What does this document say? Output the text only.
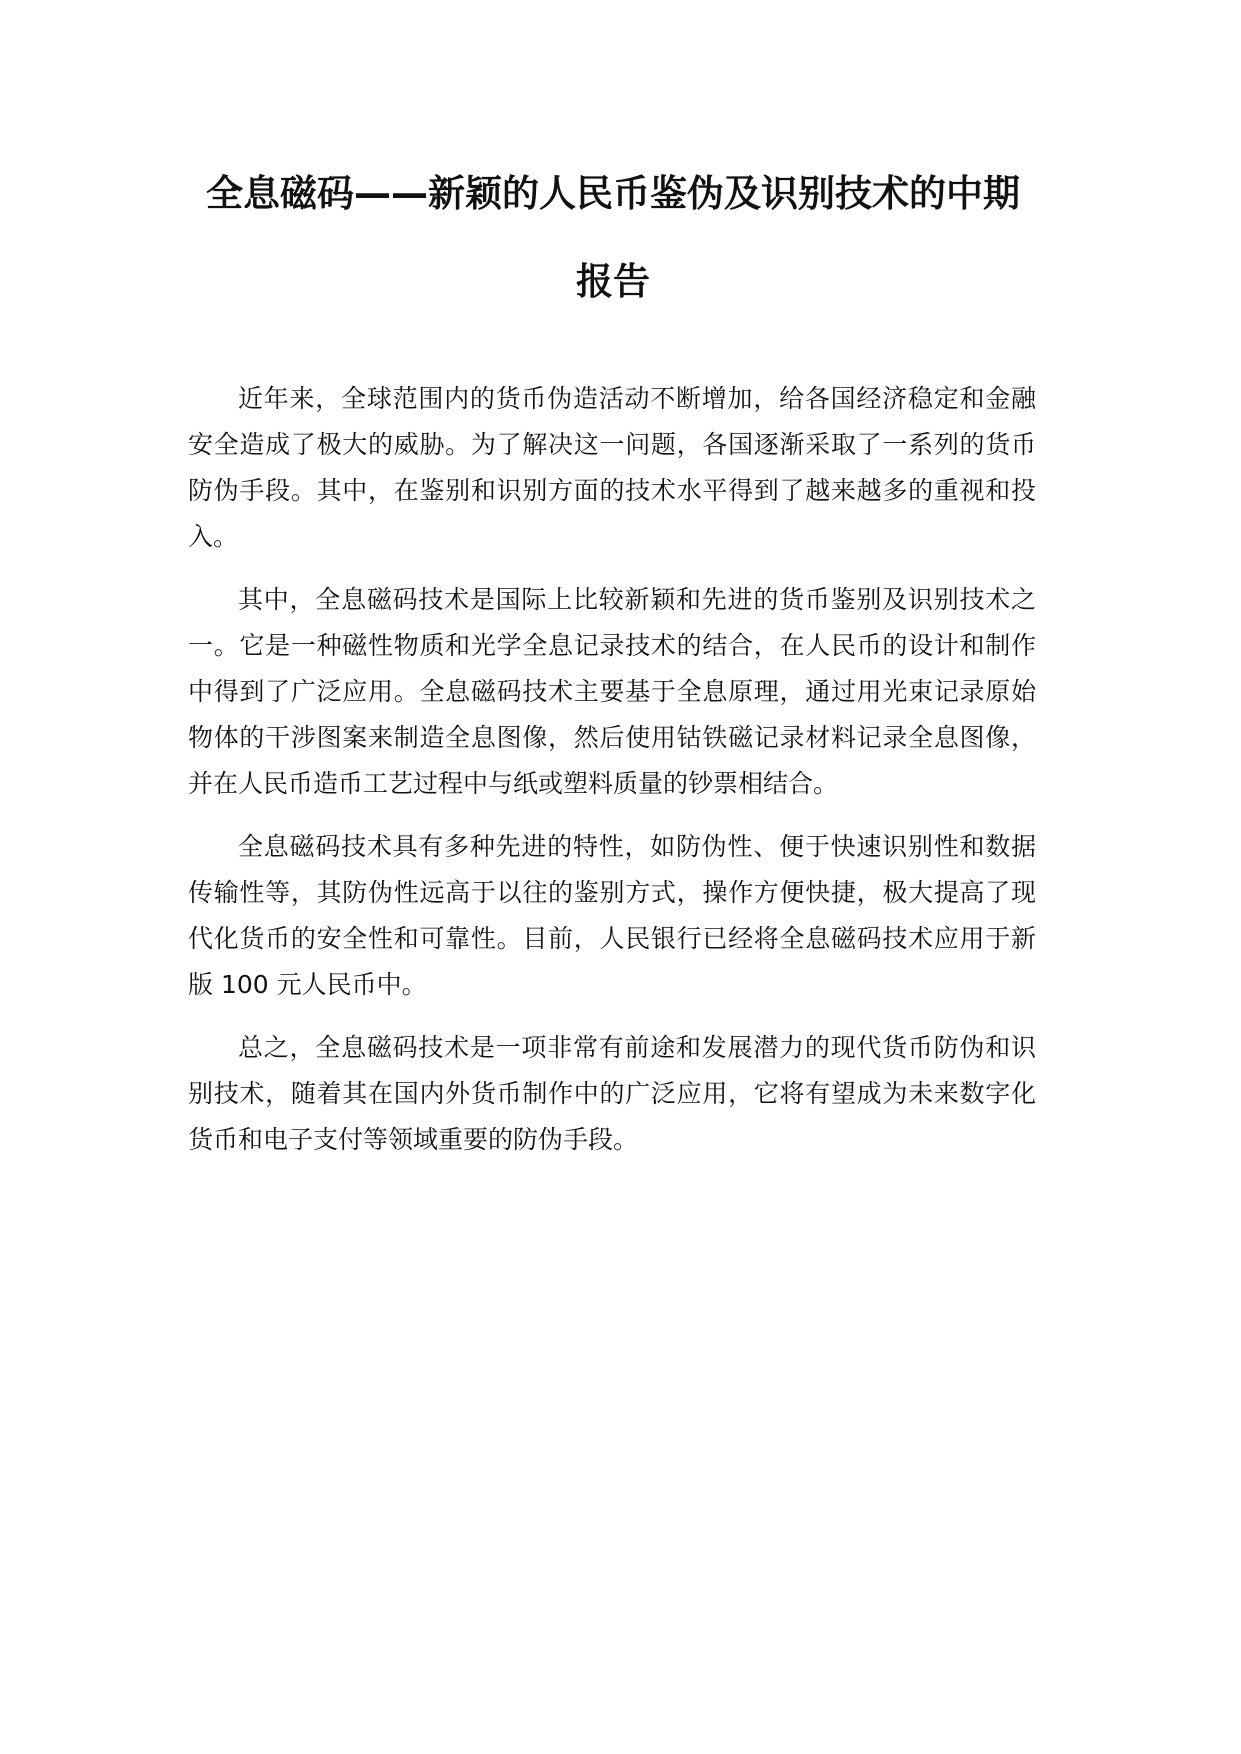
全息磁码——新颖的人民币鉴伪及识别技术的中期报告

近年来，全球范围内的货币伪造活动不断增加，给各国经济稳定和金融安全造成了极大的威胁。为了解决这一问题，各国逐渐采取了一系列的货币防伪手段。其中，在鉴别和识别方面的技术水平得到了越来越多的重视和投入。

其中，全息磁码技术是国际上比较新颖和先进的货币鉴别及识别技术之一。它是一种磁性物质和光学全息记录技术的结合，在人民币的设计和制作中得到了广泛应用。全息磁码技术主要基于全息原理，通过用光束记录原始物体的干涉图案来制造全息图像，然后使用钴铁磁记录材料记录全息图像，并在人民币造币工艺过程中与纸或塑料质量的钞票相结合。

全息磁码技术具有多种先进的特性，如防伪性、便于快速识别性和数据传输性等，其防伪性远高于以往的鉴别方式，操作方便快捷，极大提高了现代化货币的安全性和可靠性。目前，人民银行已经将全息磁码技术应用于新版 100 元人民币中。

总之，全息磁码技术是一项非常有前途和发展潜力的现代货币防伪和识别技术，随着其在国内外货币制作中的广泛应用，它将有望成为未来数字化货币和电子支付等领域重要的防伪手段。
